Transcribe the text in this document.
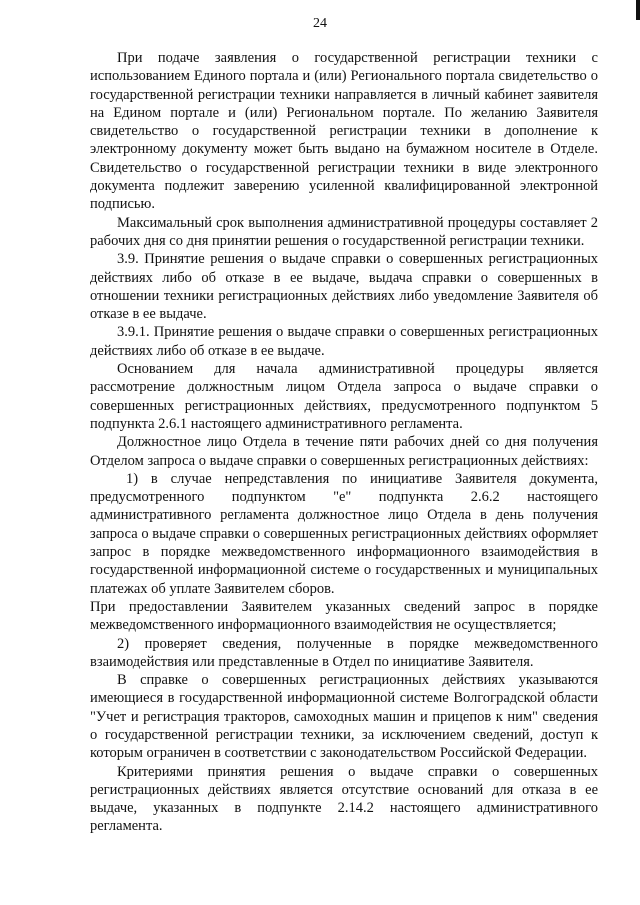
24

При подаче заявления о государственной регистрации техники с использованием Единого портала и (или) Регионального портала свидетельство о государственной регистрации техники направляется в личный кабинет заявителя на Едином портале и (или) Региональном портале. По желанию Заявителя свидетельство о государственной регистрации техники в дополнение к электронному документу может быть выдано на бумажном носителе в Отделе. Свидетельство о государственной регистрации техники в виде электронного документа подлежит заверению усиленной квалифицированной электронной подписью.

Максимальный срок выполнения административной процедуры составляет 2 рабочих дня со дня принятии решения о государственной регистрации техники.

3.9. Принятие решения о выдаче справки о совершенных регистрационных действиях либо об отказе в ее выдаче, выдача справки о совершенных в отношении техники регистрационных действиях либо уведомление Заявителя об отказе в ее выдаче.

3.9.1. Принятие решения о выдаче справки о совершенных регистрационных действиях либо об отказе в ее выдаче.

Основанием для начала административной процедуры является рассмотрение должностным лицом Отдела запроса о выдаче справки о совершенных регистрационных действиях, предусмотренного подпунктом 5 подпункта 2.6.1 настоящего административного регламента.

Должностное лицо Отдела в течение пяти рабочих дней со дня получения Отделом запроса о выдаче справки о совершенных регистрационных действиях:

1) в случае непредставления по инициативе Заявителя документа, предусмотренного подпунктом "е" подпункта 2.6.2 настоящего административного регламента должностное лицо Отдела в день получения запроса о выдаче справки о совершенных регистрационных действиях оформляет запрос в порядке межведомственного информационного взаимодействия в государственной информационной системе о государственных и муниципальных платежах об уплате Заявителем сборов.

При предоставлении Заявителем указанных сведений запрос в порядке межведомственного информационного взаимодействия не осуществляется;

2) проверяет сведения, полученные в порядке межведомственного взаимодействия или представленные в Отдел по инициативе Заявителя.

В справке о совершенных регистрационных действиях указываются имеющиеся в государственной информационной системе Волгоградской области "Учет и регистрация тракторов, самоходных машин и прицепов к ним" сведения о государственной регистрации техники, за исключением сведений, доступ к которым ограничен в соответствии с законодательством Российской Федерации.

Критериями принятия решения о выдаче справки о совершенных регистрационных действиях является отсутствие оснований для отказа в ее выдаче, указанных в подпункте 2.14.2 настоящего административного регламента.
